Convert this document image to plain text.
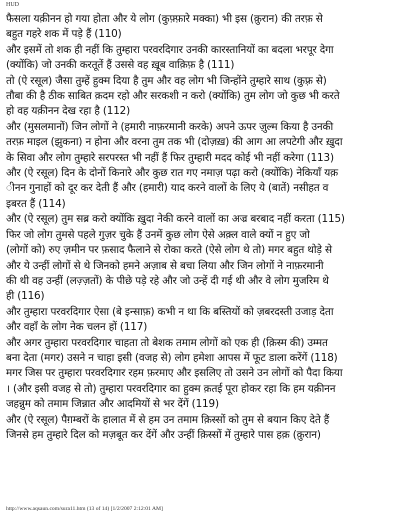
HUD
फैसला यक़ीनन हो गया होता और ये लोग (कुफ़्फ़ारे मक्का) भी इस (क़ुरान) की तरफ़ से
बहुत गहरे शक में पड़े हैं (110)
और इसमें तो शक ही नहीं कि तुम्हारा परवरदिगार उनकी कारस्तानियों का बदला भरपूर देगा
(क्योंकि) जो उनकी करतूतें हैं उससे वह ख़ूब वाक़िफ़ है (111)
तो (ऐ रसूल) जैसा तुम्हें हुक्म दिया है तुम और वह लोग भी जिन्होंने तुम्हारे साथ (कुफ़्र से)
तौबा की है ठीक साबित क़दम रहो और सरकशी न करो (क्योंकि) तुम लोग जो कुछ भी करते
हो वह यक़ीनन देख रहा है (112)
और (मुसलमानों) जिन लोगों ने (हमारी नाफ़रमानी करके) अपने ऊपर ज़ुल्म किया है उनकी
तरफ़ माइल (झुकना) न होना और वरना तुम तक भी (दोज़ख़) की आग आ लपटेगी और ख़ुदा
के सिवा और लोग तुम्हारे सरपरस्त भी नहीं हैं फिर तुम्हारी मदद कोई भी नहीं करेगा (113)
और (ऐ रसूल) दिन के दोनों किनारे और कुछ रात गए नमाज़ पढ़ा करो (क्योंकि) नेकियाँ यक़
ीनन गुनाहों को दूर कर देती हैं और (हमारी) याद करने वालों के लिए ये (बातें) नसीहत व
इबरत हैं (114)
और (ऐ रसूल) तुम सब्र करो क्योंकि ख़ुदा नेकी करने वालों का अज्र बरबाद नहीं करता (115)
फिर जो लोग तुमसे पहले गुज़र चुके हैं उनमें कुछ लोग ऐसे अक़्ल वाले क्यों न हुए जो
(लोगों को) रुए ज़मीन पर फ़साद फैलाने से रोका करते (ऐसे लोग थे तो) मगर बहुत थोड़े से
और ये उन्हीं लोगों से थे जिनको हमने अज़ाब से बचा लिया और जिन लोगों ने नाफ़रमानी
की थी वह उन्हीं (लज़्ज़तों) के पीछे पड़े रहे और जो उन्हें दी गई थी और वे लोग मुजरिम थे
ही (116)
और तुम्हारा परवरदिगार ऐसा (बे इन्साफ़) कभी न था कि बस्तियों को ज़बरदस्ती उजाड़ देता
और वहाँ के लोग नेक चलन हों (117)
और अगर तुम्हारा परवरदिगार चाहता तो बेशक तमाम लोगों को एक ही (क़िस्म की) उम्मत
बना देता (मगर) उसने न चाहा इसी (वजह से) लोग हमेशा आपस में फूट डाला करेंगें (118)
मगर जिस पर तुम्हारा परवरदिगार रहम फ़रमाए और इसलिए तो उसने उन लोगों को पैदा किया
। (और इसी वजह से तो) तुम्हारा परवरदिगार का हुक्म क़तई पूरा होकर रहा कि हम यक़ीनन
जहन्नुम को तमाम जिन्नात और आदमियों से भर देंगें (119)
और (ऐ रसूल) पैग़म्बरों के हालात में से हम उन तमाम क़िस्सों को तुम से बयान किए देते हैं
जिनसे हम तुम्हारे दिल को मज़बूत कर देंगें और उन्हीं क़िस्सों में तुम्हारे पास हक़ (क़ुरान)
http://www.aqsaun.com/sura11.htm (13 of 14) [1/2/2007 2:12:01 AM]
